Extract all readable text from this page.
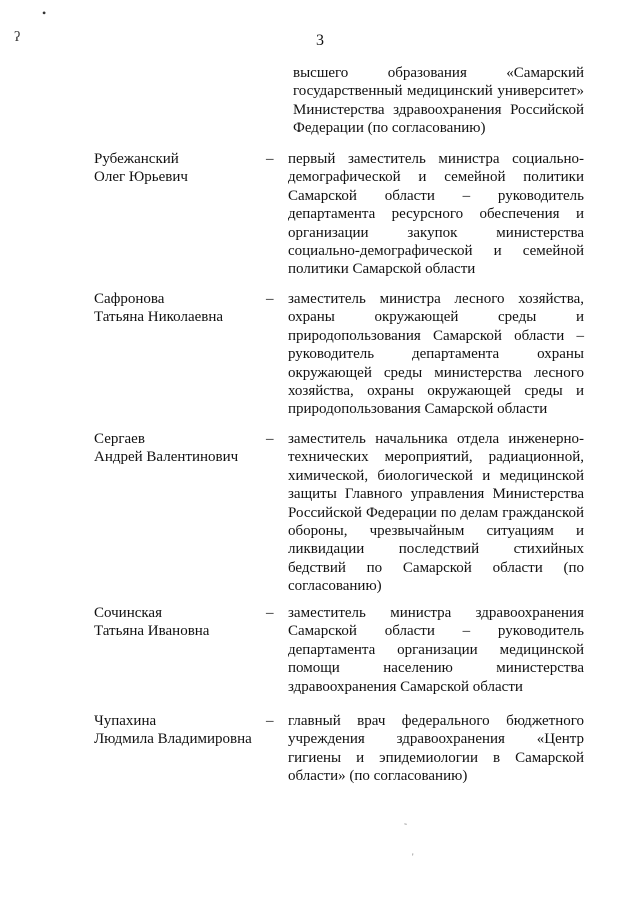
•
ʔ	3
высшего образования «Самарский государственный медицинский университет» Министерства здравоохранения Российской Федерации (по согласованию)
Рубежанский
Олег Юрьевич
– первый заместитель министра социально-демографической и семейной политики Самарской области – руководитель департамента ресурсного обеспечения и организации закупок министерства социально-демографической и семейной политики Самарской области
Сафронова
Татьяна Николаевна
– заместитель министра лесного хозяйства, охраны окружающей среды и природопользования Самарской области – руководитель департамента охраны окружающей среды министерства лесного хозяйства, охраны окружающей среды и природопользования Самарской области
Сергаев
Андрей Валентинович
– заместитель начальника отдела инженерно-технических мероприятий, радиационной, химической, биологической и медицинской защиты Главного управления Министерства Российской Федерации по делам гражданской обороны, чрезвычайным ситуациям и ликвидации последствий стихийных бедствий по Самарской области (по согласованию)
Сочинская
Татьяна Ивановна
– заместитель министра здравоохранения Самарской области – руководитель департамента организации медицинской помощи населению министерства здравоохранения Самарской области
Чупахина
Людмила Владимировна
– главный врач федерального бюджетного учреждения здравоохранения «Центр гигиены и эпидемиологии в Самарской области» (по согласованию)
˜
'
